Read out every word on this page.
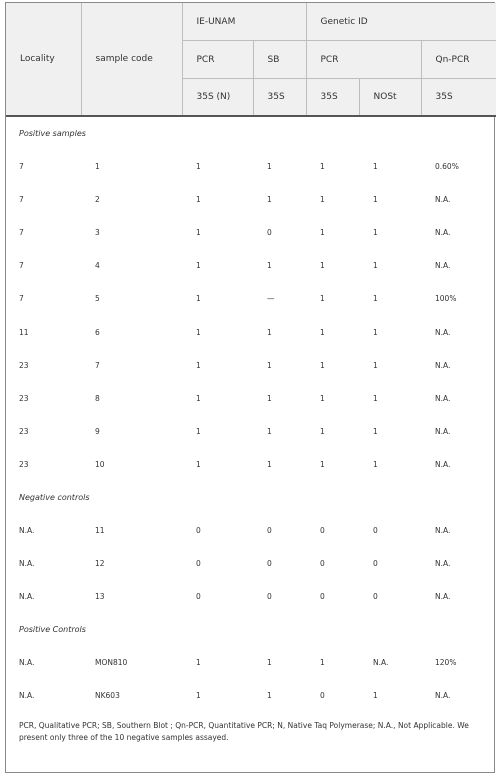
Locality	sample code	IE-UNAM		Genetic ID		
		PCR	SB	PCR		Qn-PCR
		35S (N)	35S	35S	NOSt	35S
Positive samples						
7	1	1	1	1	1	0.60%
7	2	1	1	1	1	N.A.
7	3	1	0	1	1	N.A.
7	4	1	1	1	1	N.A.
7	5	1	—	1	1	100%
11	6	1	1	1	1	N.A.
23	7	1	1	1	1	N.A.
23	8	1	1	1	1	N.A.
23	9	1	1	1	1	N.A.
23	10	1	1	1	1	N.A.
Negative controls						
N.A.	11	0	0	0	0	N.A.
N.A.	12	0	0	0	0	N.A.
N.A.	13	0	0	0	0	N.A.
Positive Controls						
N.A.	MON810	1	1	1	N.A.	120%
N.A.	NK603	1	1	0	1	N.A.
PCR, Qualitative PCR; SB, Southern Blot ; Qn-PCR, Quantitative PCR; N, Native Taq Polymerase; N.A., Not Applicable. We present only three of the 10 negative samples assayed.
